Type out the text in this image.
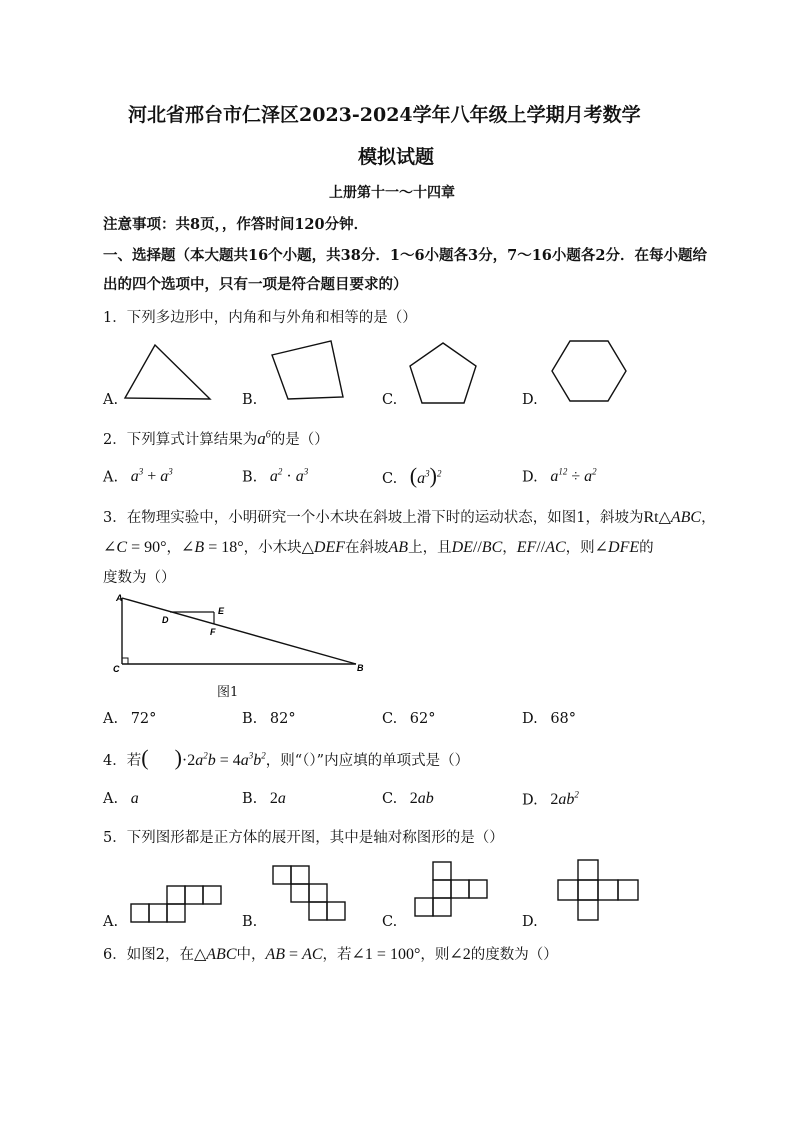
河北省邢台市仁泽区2023-2024学年八年级上学期月考数学
模拟试题
上册第十一～十四章
注意事项：共8页，，作答时间120分钟．
一、选择题（本大题共16个小题，共38分．1～6小题各3分，7～16小题各2分．在每小题给
出的四个选项中，只有一项是符合题目要求的）
1．下列多边形中，内角和与外角和相等的是（）
A.	B.	C.	D.
2．下列算式计算结果为$a^6$的是（）
A. $a^3 + a^3$	B. $a^2 \cdot a^3$	C. $(a^3)^2$	D. $a^{12} \div a^2$
3．在物理实验中，小明研究一个小木块在斜坡上滑下时的运动状态，如图1，斜坡为Rt△ABC，
∠C = 90°，∠B = 18°，小木块△DEF在斜坡AB上，且DE//BC，EF//AC，则∠DFE的
度数为（）
A
E
D
F
C	B
图1
A. 72°	B. 82°	C. 62°	D. 68°
4．若( )$\cdot 2a^2b = 4a^3b^2$，则“（）”内应填的单项式是（）
A. a	B. 2a	C. 2ab	D. $2ab^2$
5．下列图形都是正方体的展开图，其中是轴对称图形的是（）
A.	B.	C.	D.
6．如图2，在△ABC中，AB = AC，若∠1 = 100°，则∠2的度数为（）
